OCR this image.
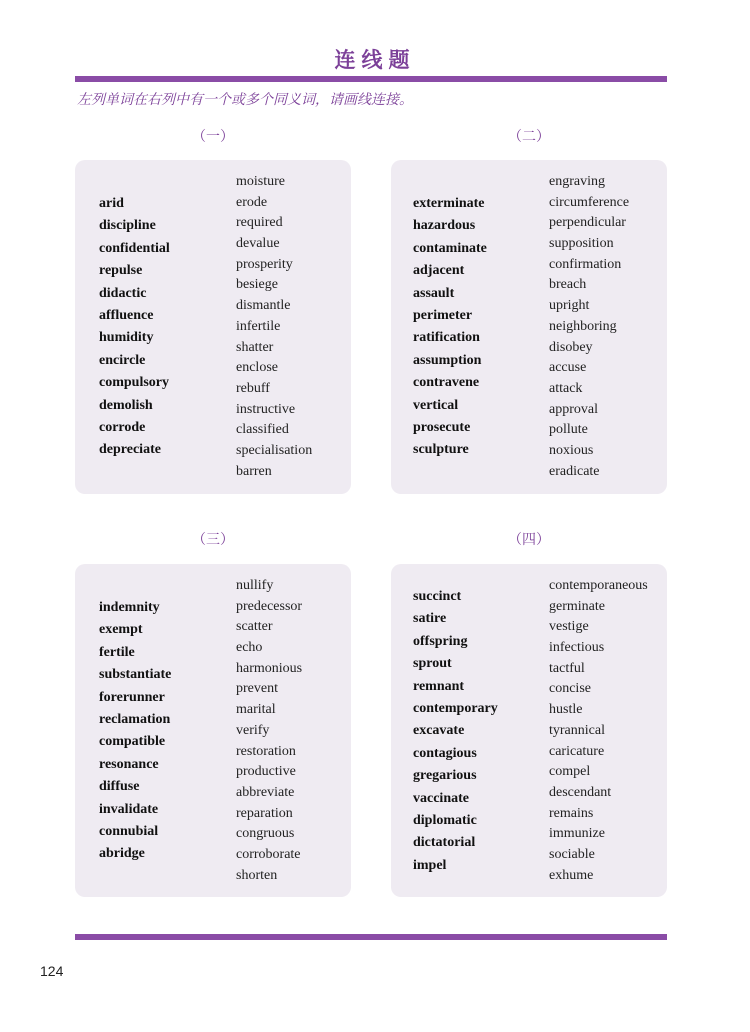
连线题
左列单词在右列中有一个或多个同义词，请画线连接。
（一）
arid
discipline
confidential
repulse
didactic
affluence
humidity
encircle
compulsory
demolish
corrode
depreciate
moisture
erode
required
devalue
prosperity
besiege
dismantle
infertile
shatter
enclose
rebuff
instructive
classified
specialisation
barren
（二）
exterminate
hazardous
contaminate
adjacent
assault
perimeter
ratification
assumption
contravene
vertical
prosecute
sculpture
engraving
circumference
perpendicular
supposition
confirmation
breach
upright
neighboring
disobey
accuse
attack
approval
pollute
noxious
eradicate
（三）
indemnity
exempt
fertile
substantiate
forerunner
reclamation
compatible
resonance
diffuse
invalidate
connubial
abridge
nullify
predecessor
scatter
echo
harmonious
prevent
marital
verify
restoration
productive
abbreviate
reparation
congruous
corroborate
shorten
（四）
succinct
satire
offspring
sprout
remnant
contemporary
excavate
contagious
gregarious
vaccinate
diplomatic
dictatorial
impel
contemporaneous
germinate
vestige
infectious
tactful
concise
hustle
tyrannical
caricature
compel
descendant
remains
immunize
sociable
exhume
124
